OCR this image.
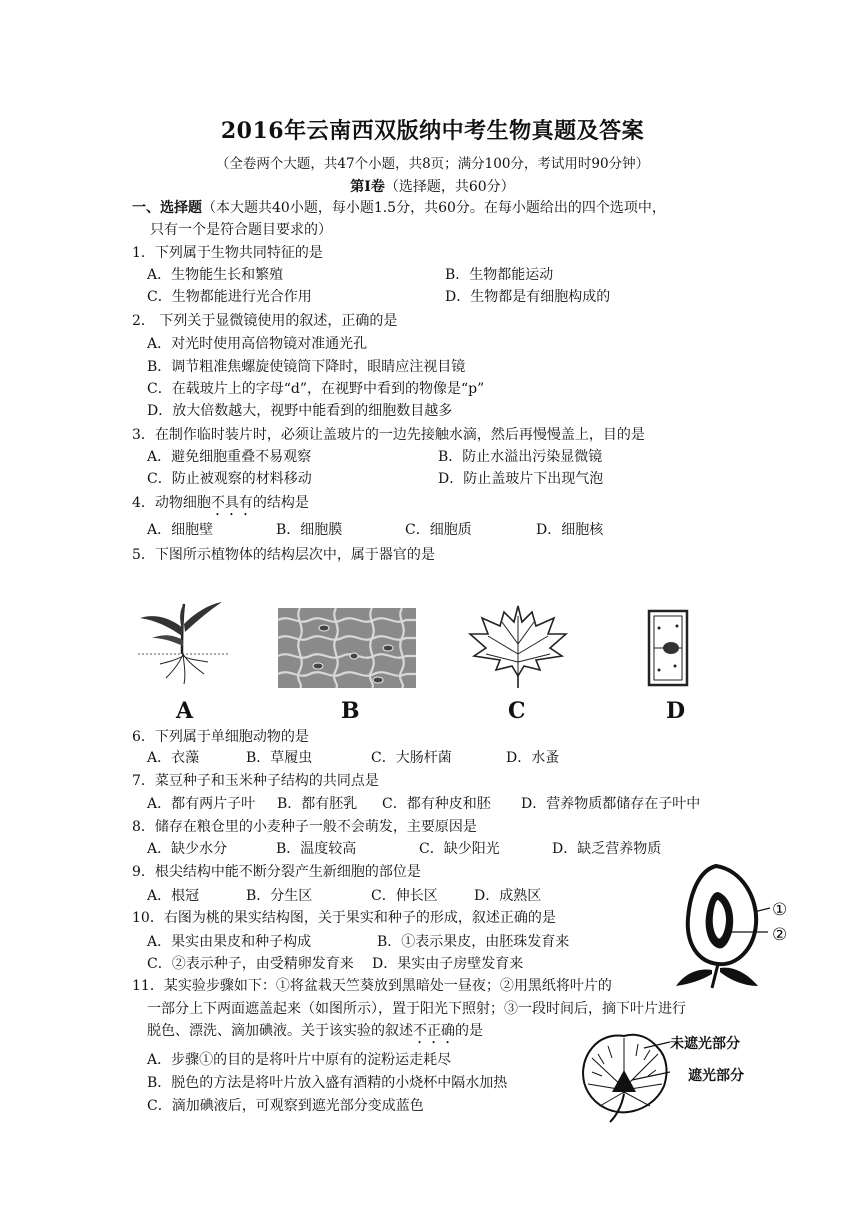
2016年云南西双版纳中考生物真题及答案
（全卷两个大题，共47个小题，共8页；满分100分，考试用时90分钟）
第Ⅰ卷（选择题，共60分）
一、选择题（本大题共40小题，每小题1.5分，共60分。在每小题给出的四个选项中，
只有一个是符合题目要求的）
1．下列属于生物共同特征的是
A．生物能生长和繁殖	B．生物都能运动
C．生物都能进行光合作用	D．生物都是有细胞构成的
2． 下列关于显微镜使用的叙述，正确的是
A．对光时使用高倍物镜对准通光孔
B．调节粗准焦螺旋使镜筒下降时，眼睛应注视目镜
C．在载玻片上的字母“d”，在视野中看到的物像是“p”
D．放大倍数越大，视野中能看到的细胞数目越多
3．在制作临时装片时，必须让盖玻片的一边先接触水滴，然后再慢慢盖上，目的是
A．避免细胞重叠不易观察	B．防止水溢出污染显微镜
C．防止被观察的材料移动	D．防止盖玻片下出现气泡
4．动物细胞不具有的结构是
A．细胞壁	B．细胞膜	C．细胞质	D．细胞核
5．下图所示植物体的结构层次中，属于器官的是
A	B	C	D
6．下列属于单细胞动物的是
A．衣藻	B．草履虫	C．大肠杆菌	D．水蚤
7．菜豆种子和玉米种子结构的共同点是
A．都有两片子叶 B．都有胚乳 C．都有种皮和胚 D．营养物质都储存在子叶中
8．储存在粮仓里的小麦种子一般不会萌发，主要原因是
A．缺少水分	B．温度较高	C．缺少阳光	D．缺乏营养物质
9．根尖结构中能不断分裂产生新细胞的部位是
A．根冠	B．分生区	C．伸长区	D．成熟区
10．右图为桃的果实结构图，关于果实和种子的形成，叙述正确的是
A．果实由果皮和种子构成	B．①表示果皮，由胚珠发育来
C．②表示种子，由受精卵发育来 D．果实由子房壁发育来
①
②
11．某实验步骤如下：①将盆栽天竺葵放到黑暗处一昼夜；②用黑纸将叶片的
一部分上下两面遮盖起来（如图所示），置于阳光下照射；③一段时间后，摘下叶片进行
脱色、漂洗、滴加碘液。关于该实验的叙述不正确的是
A．步骤①的目的是将叶片中原有的淀粉运走耗尽
B．脱色的方法是将叶片放入盛有酒精的小烧杯中隔水加热
C．滴加碘液后，可观察到遮光部分变成蓝色
未遮光部分
遮光部分
